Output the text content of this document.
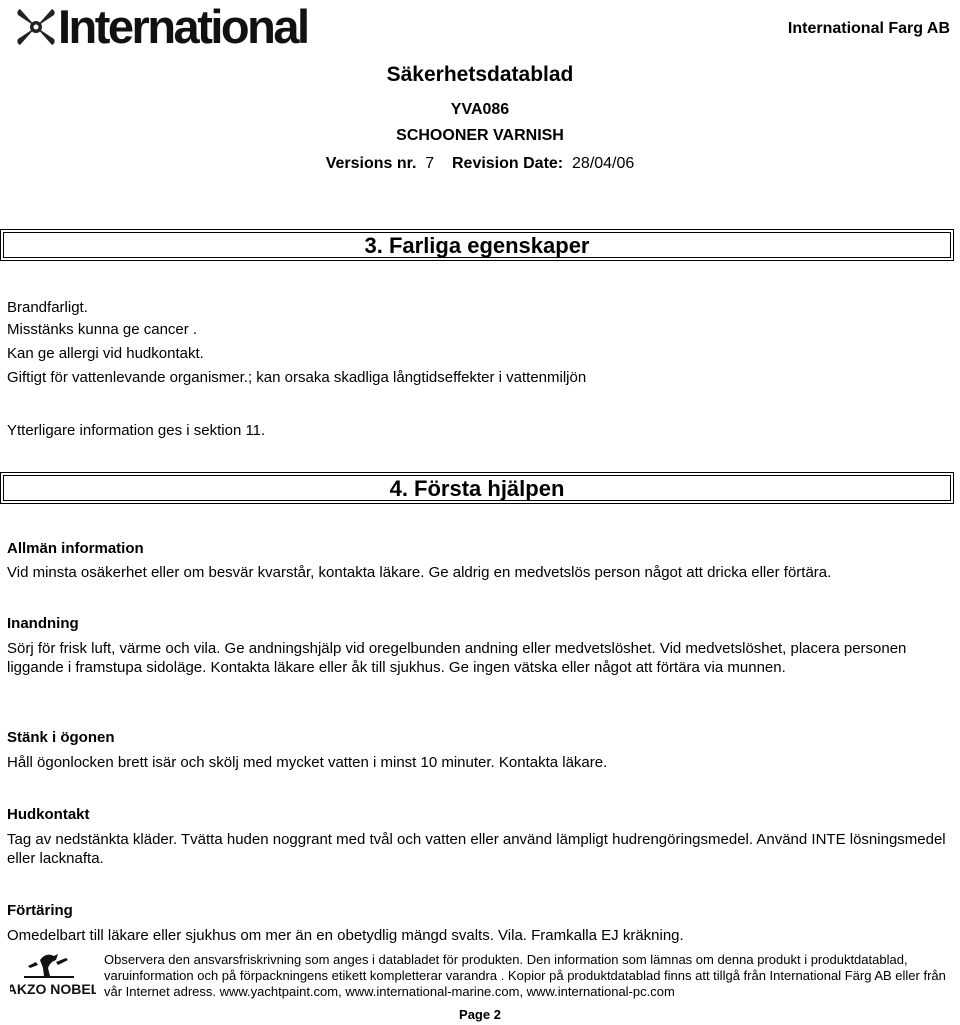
International	International Farg AB
Säkerhetsdatablad
YVA086
SCHOONER VARNISH
Versions nr. 7 Revision Date: 28/04/06
3. Farliga egenskaper
Brandfarligt.
Misstänks kunna ge cancer .
Kan ge allergi vid hudkontakt.
Giftigt för vattenlevande organismer.; kan orsaka skadliga långtidseffekter i vattenmiljön
Ytterligare information ges i sektion 11.
4. Första hjälpen
Allmän information
Vid minsta osäkerhet eller om besvär kvarstår, kontakta läkare. Ge aldrig en medvetslös person något att dricka eller förtära.
Inandning
Sörj för frisk luft, värme och vila. Ge andningshjälp vid oregelbunden andning eller medvetslöshet. Vid medvetslöshet, placera personen liggande i framstupa sidoläge. Kontakta läkare eller åk till sjukhus. Ge ingen vätska eller något att förtära via munnen.
Stänk i ögonen
Håll ögonlocken brett isär och skölj med mycket vatten i minst 10 minuter. Kontakta läkare.
Hudkontakt
Tag av nedstänkta kläder. Tvätta huden noggrant med tvål och vatten eller använd lämpligt hudrengöringsmedel. Använd INTE lösningsmedel eller lacknafta.
Förtäring
Omedelbart till läkare eller sjukhus om mer än en obetydlig mängd svalts. Vila. Framkalla EJ kräkning.
AKZO NOBEL
Observera den ansvarsfriskrivning som anges i databladet för produkten. Den information som lämnas om denna produkt i produktdatablad, varuinformation och på förpackningens etikett kompletterar varandra . Kopior på produktdatablad finns att tillgå från International Färg AB eller från vår Internet adress. www.yachtpaint.com, www.international-marine.com, www.international-pc.com
Page 2
